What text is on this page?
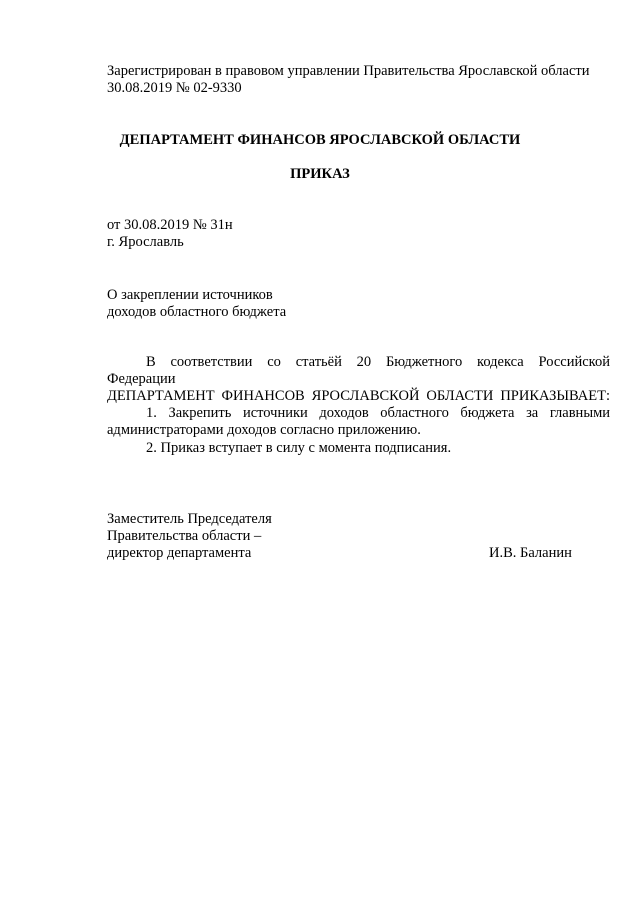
Зарегистрирован в правовом управлении Правительства Ярославской области
30.08.2019 № 02-9330
ДЕПАРТАМЕНТ ФИНАНСОВ ЯРОСЛАВСКОЙ ОБЛАСТИ
ПРИКАЗ
от 30.08.2019 № 31н
г. Ярославль
О закреплении источников
доходов областного бюджета
В соответствии со статьёй 20 Бюджетного кодекса Российской
Федерации
ДЕПАРТАМЕНТ ФИНАНСОВ ЯРОСЛАВСКОЙ ОБЛАСТИ ПРИКАЗЫВАЕТ:
1. Закрепить источники доходов областного бюджета за главными
администраторами доходов согласно приложению.
2. Приказ вступает в силу с момента подписания.
Заместитель Председателя
Правительства области –
директор департамента	И.В. Баланин
